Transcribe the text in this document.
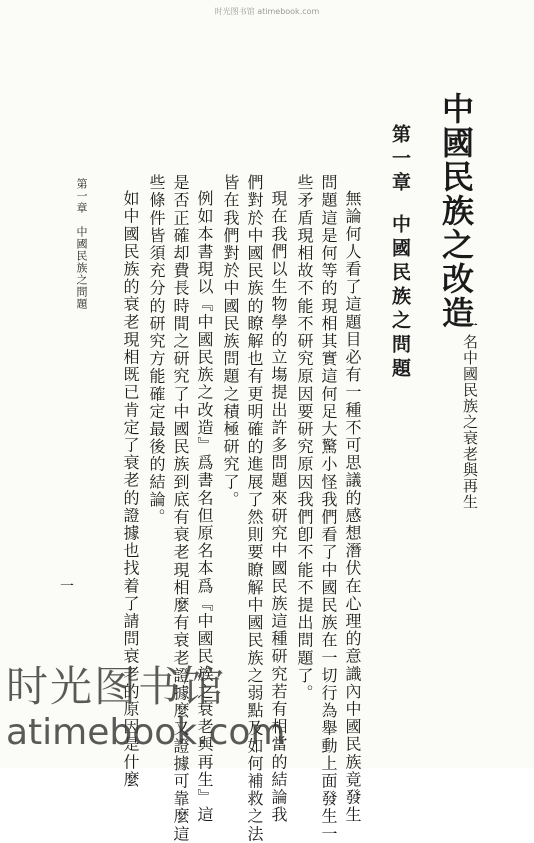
时光图书馆 atimebook.com
中國民族之改造
一名中國民族之衰老與再生
第一章中國民族之問題
無論何人看了這題目必有一種不可思議的感想潛伏在心理的意識內中國民族竟發生
問題這是何等的現相其實這何足大驚小怪我們看了中國民族在一切行為舉動上面發生一
些矛盾現相故不能不研究原因要研究原因我們卽不能不提出問題了。
現在我們以生物學的立塲提出許多問題來研究中國民族這種研究若有相當的結論我
們對於中國民族的瞭解也有更明確的進展了然則要瞭解中國民族之弱點及如何補救之法
皆在我們對於中國民族問題之積極研究了。
例如本書現以『中國民族之改造』爲書名但原名本爲『中國民族之衰老與再生』這
是否正確却費長時間之研究了中國民族到底有衰老現相麼有衰老證據麼又證據可靠麼這
些條件皆須充分的研究方能確定最後的結論。
如中國民族的衰老現相既已肯定了衰老的證據也找着了請問衰老的原因是什麼
第一章　中國民族之問題
一
时光图书馆
atimebook.com
